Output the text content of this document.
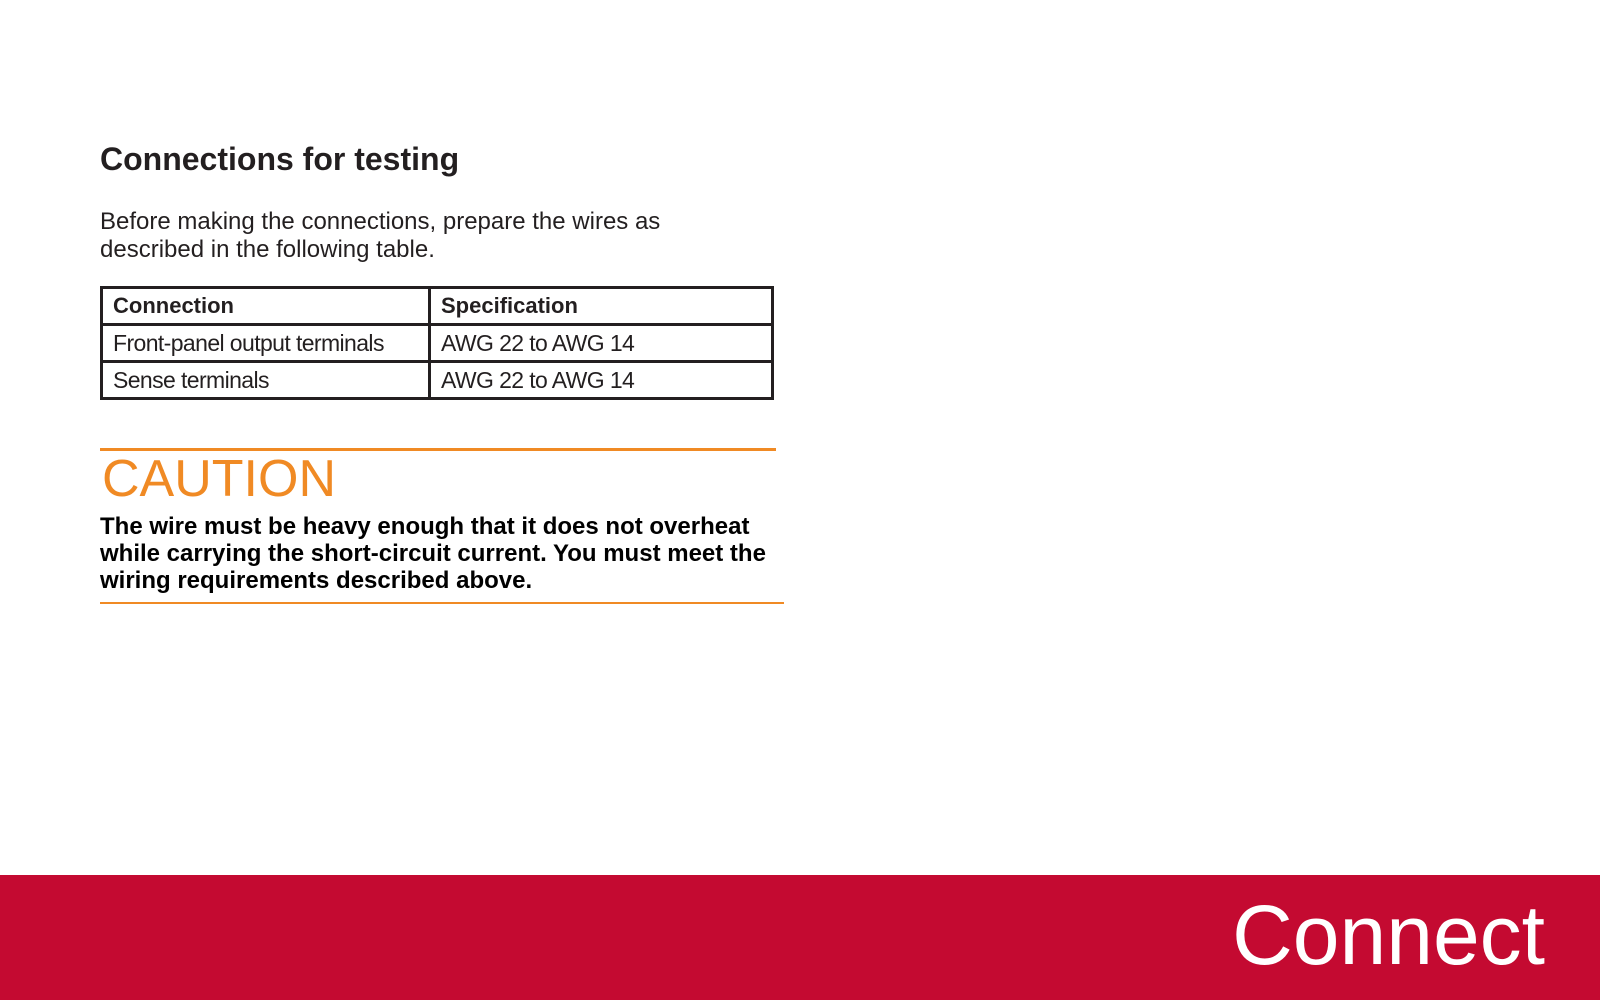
Connections for testing

Before making the connections, prepare the wires as described in the following table.

Connection	Specification
Front-panel output terminals	AWG 22 to AWG 14
Sense terminals	AWG 22 to AWG 14
CAUTION

The wire must be heavy enough that it does not overheat while carrying the short-circuit current. You must meet the wiring requirements described above.

Connect
